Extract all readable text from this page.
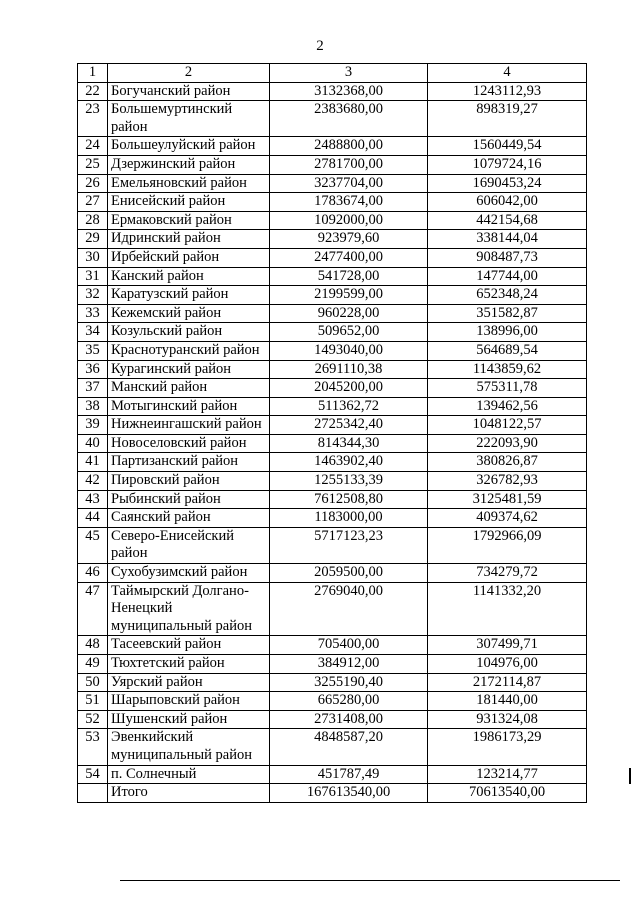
2
1	2	3	4
22	Богучанский район	3132368,00	1243112,93
23	Большемуртинский район	2383680,00	898319,27
24	Большеулуйский район	2488800,00	1560449,54
25	Дзержинский район	2781700,00	1079724,16
26	Емельяновский район	3237704,00	1690453,24
27	Енисейский район	1783674,00	606042,00
28	Ермаковский район	1092000,00	442154,68
29	Идринский район	923979,60	338144,04
30	Ирбейский район	2477400,00	908487,73
31	Канский район	541728,00	147744,00
32	Каратузский район	2199599,00	652348,24
33	Кежемский район	960228,00	351582,87
34	Козульский район	509652,00	138996,00
35	Краснотуранский район	1493040,00	564689,54
36	Курагинский район	2691110,38	1143859,62
37	Манский район	2045200,00	575311,78
38	Мотыгинский район	511362,72	139462,56
39	Нижнеингашский район	2725342,40	1048122,57
40	Новоселовский район	814344,30	222093,90
41	Партизанский район	1463902,40	380826,87
42	Пировский район	1255133,39	326782,93
43	Рыбинский район	7612508,80	3125481,59
44	Саянский район	1183000,00	409374,62
45	Северо-Енисейский район	5717123,23	1792966,09
46	Сухобузимский район	2059500,00	734279,72
47	Таймырский Долгано-Ненецкий муниципальный район	2769040,00	1141332,20
48	Тасеевский район	705400,00	307499,71
49	Тюхтетский район	384912,00	104976,00
50	Уярский район	3255190,40	2172114,87
51	Шарыповский район	665280,00	181440,00
52	Шушенский район	2731408,00	931324,08
53	Эвенкийский муниципальный район	4848587,20	1986173,29
54	п. Солнечный	451787,49	123214,77
	Итого	167613540,00	70613540,00
